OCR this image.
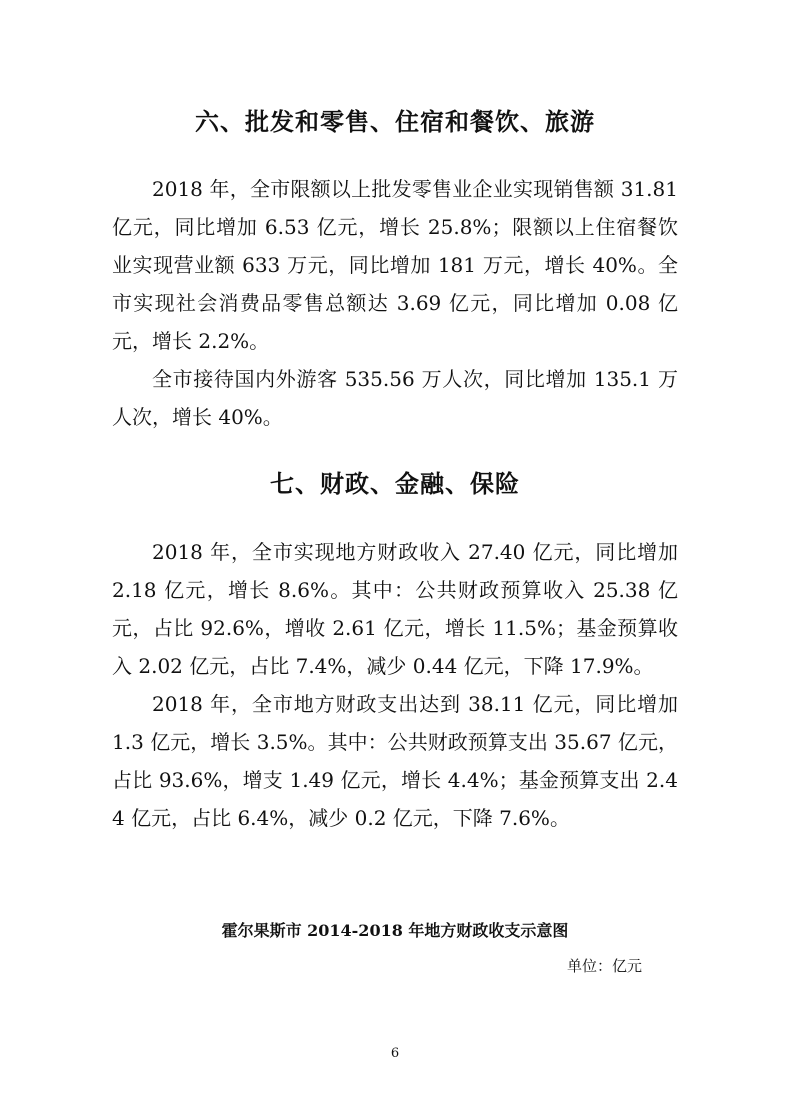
六、批发和零售、住宿和餐饮、旅游

2018 年，全市限额以上批发零售业企业实现销售额 31.81 亿元，同比增加 6.53 亿元，增长 25.8%；限额以上住宿餐饮业实现营业额 633 万元，同比增加 181 万元，增长 40%。全市实现社会消费品零售总额达 3.69 亿元，同比增加 0.08 亿元，增长 2.2%。

全市接待国内外游客 535.56 万人次，同比增加 135.1 万人次，增长 40%。

七、财政、金融、保险

2018 年，全市实现地方财政收入 27.40 亿元，同比增加 2.18 亿元，增长 8.6%。其中：公共财政预算收入 25.38 亿元，占比 92.6%，增收 2.61 亿元，增长 11.5%；基金预算收入 2.02 亿元，占比 7.4%，减少 0.44 亿元，下降 17.9%。

2018 年，全市地方财政支出达到 38.11 亿元，同比增加 1.3 亿元，增长 3.5%。其中：公共财政预算支出 35.67 亿元，占比 93.6%，增支 1.49 亿元，增长 4.4%；基金预算支出 2.44 亿元，占比 6.4%，减少 0.2 亿元，下降 7.6%。

霍尔果斯市 2014-2018 年地方财政收支示意图
单位：亿元
6
